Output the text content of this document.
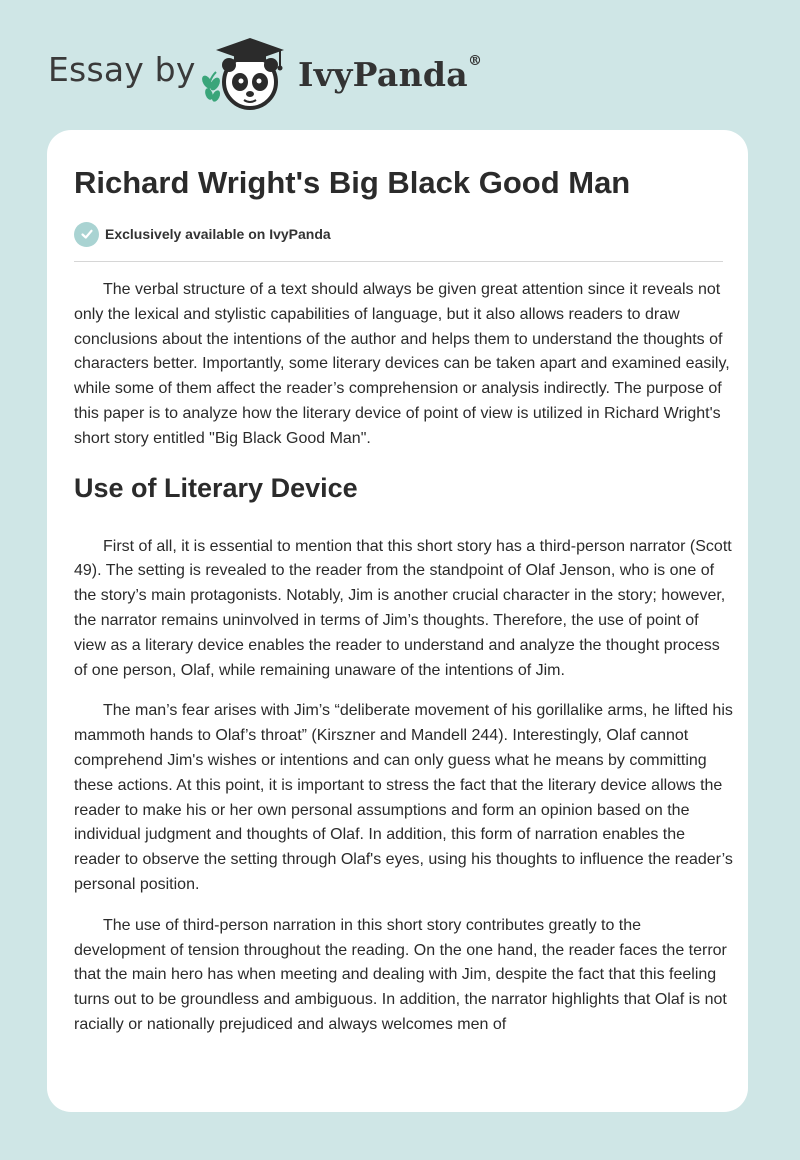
Essay by	IvyPanda®
Richard Wright's Big Black Good Man
Exclusively available on IvyPanda

The verbal structure of a text should always be given great attention since it reveals not only the lexical and stylistic capabilities of language, but it also allows readers to draw conclusions about the intentions of the author and helps them to understand the thoughts of characters better. Importantly, some literary devices can be taken apart and examined easily, while some of them affect the reader’s comprehension or analysis indirectly. The purpose of this paper is to analyze how the literary device of point of view is utilized in Richard Wright's short story entitled "Big Black Good Man".

Use of Literary Device

First of all, it is essential to mention that this short story has a third-person narrator (Scott 49). The setting is revealed to the reader from the standpoint of Olaf Jenson, who is one of the story’s main protagonists. Notably, Jim is another crucial character in the story; however, the narrator remains uninvolved in terms of Jim’s thoughts. Therefore, the use of point of view as a literary device enables the reader to understand and analyze the thought process of one person, Olaf, while remaining unaware of the intentions of Jim.

The man’s fear arises with Jim’s “deliberate movement of his gorillalike arms, he lifted his mammoth hands to Olaf’s throat” (Kirszner and Mandell 244). Interestingly, Olaf cannot comprehend Jim's wishes or intentions and can only guess what he means by committing these actions. At this point, it is important to stress the fact that the literary device allows the reader to make his or her own personal assumptions and form an opinion based on the individual judgment and thoughts of Olaf. In addition, this form of narration enables the reader to observe the setting through Olaf's eyes, using his thoughts to influence the reader’s personal position.

The use of third-person narration in this short story contributes greatly to the development of tension throughout the reading. On the one hand, the reader faces the terror that the main hero has when meeting and dealing with Jim, despite the fact that this feeling turns out to be groundless and ambiguous. In addition, the narrator highlights that Olaf is not racially or nationally prejudiced and always welcomes men of
